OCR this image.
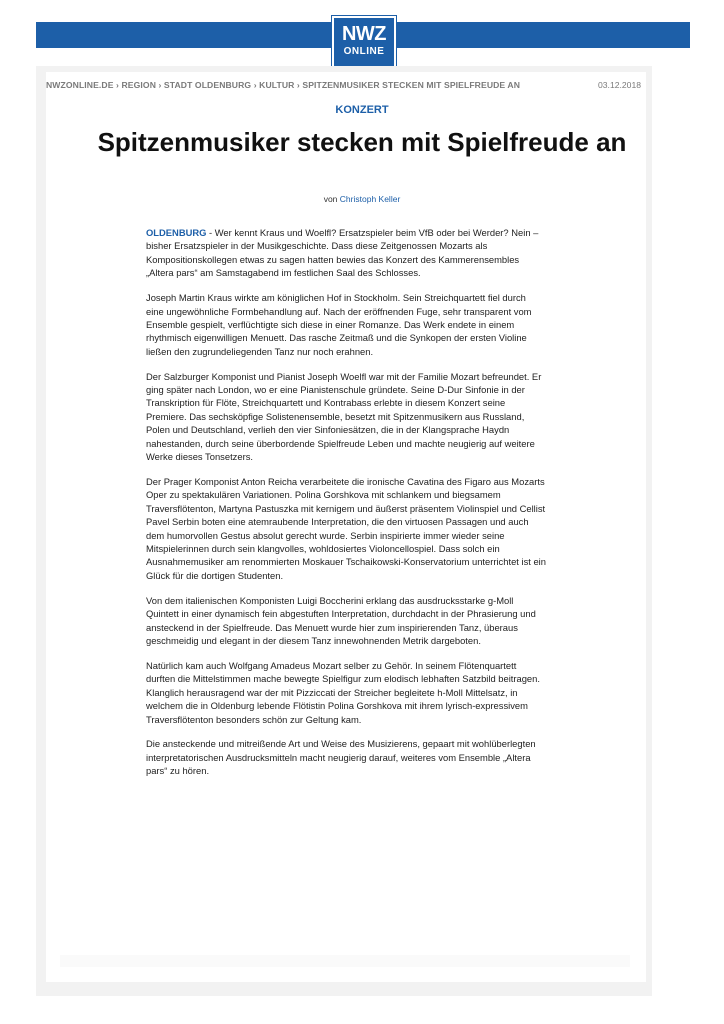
NWZ
ONLINE
NWZONLINE.DE › REGION › STADT OLDENBURG › KULTUR › SPITZENMUSIKER STECKEN MIT SPIELFREUDE AN	03.12.2018
KONZERT
Spitzenmusiker stecken mit Spielfreude an
von Christoph Keller

OLDENBURG - Wer kennt Kraus und Woelfl? Ersatzspieler beim VfB oder bei Werder? Nein – bisher Ersatzspieler in der Musikgeschichte. Dass diese Zeitgenossen Mozarts als Kompositionskollegen etwas zu sagen hatten bewies das Konzert des Kammerensembles „Altera pars“ am Samstagabend im festlichen Saal des Schlosses.

Joseph Martin Kraus wirkte am königlichen Hof in Stockholm. Sein Streichquartett fiel durch eine ungewöhnliche Formbehandlung auf. Nach der eröffnenden Fuge, sehr transparent vom Ensemble gespielt, verflüchtigte sich diese in einer Romanze. Das Werk endete in einem rhythmisch eigenwilligen Menuett. Das rasche Zeitmaß und die Synkopen der ersten Violine ließen den zugrundeliegenden Tanz nur noch erahnen.

Der Salzburger Komponist und Pianist Joseph Woelfl war mit der Familie Mozart befreundet. Er ging später nach London, wo er eine Pianistenschule gründete. Seine D-Dur Sinfonie in der Transkription für Flöte, Streichquartett und Kontrabass erlebte in diesem Konzert seine Premiere. Das sechsköpfige Solistenensemble, besetzt mit Spitzenmusikern aus Russland, Polen und Deutschland, verlieh den vier Sinfoniesätzen, die in der Klangsprache Haydn nahestanden, durch seine überbordende Spielfreude Leben und machte neugierig auf weitere Werke dieses Tonsetzers.

Der Prager Komponist Anton Reicha verarbeitete die ironische Cavatina des Figaro aus Mozarts Oper zu spektakulären Variationen. Polina Gorshkova mit schlankem und biegsamem Traversflötenton, Martyna Pastuszka mit kernigem und äußerst präsentem Violinspiel und Cellist Pavel Serbin boten eine atemraubende Interpretation, die den virtuosen Passagen und auch dem humorvollen Gestus absolut gerecht wurde. Serbin inspirierte immer wieder seine Mitspielerinnen durch sein klangvolles, wohldosiertes Violoncellospiel. Dass solch ein Ausnahmemusiker am renommierten Moskauer Tschaikowski-Konservatorium unterrichtet ist ein Glück für die dortigen Studenten.

Von dem italienischen Komponisten Luigi Boccherini erklang das ausdrucksstarke g-Moll Quintett in einer dynamisch fein abgestuften Interpretation, durchdacht in der Phrasierung und ansteckend in der Spielfreude. Das Menuett wurde hier zum inspirierenden Tanz, überaus geschmeidig und elegant in der diesem Tanz innewohnenden Metrik dargeboten.

Natürlich kam auch Wolfgang Amadeus Mozart selber zu Gehör. In seinem Flötenquartett durften die Mittelstimmen mache bewegte Spielfigur zum elodisch lebhaften Satzbild beitragen. Klanglich herausragend war der mit Pizziccati der Streicher begleitete h-Moll Mittelsatz, in welchem die in Oldenburg lebende Flötistin Polina Gorshkova mit ihrem lyrisch-expressivem Traversflötenton besonders schön zur Geltung kam.

Die ansteckende und mitreißende Art und Weise des Musizierens, gepaart mit wohlüberlegten interpretatorischen Ausdrucksmitteln macht neugierig darauf, weiteres vom Ensemble „Altera pars“ zu hören.
